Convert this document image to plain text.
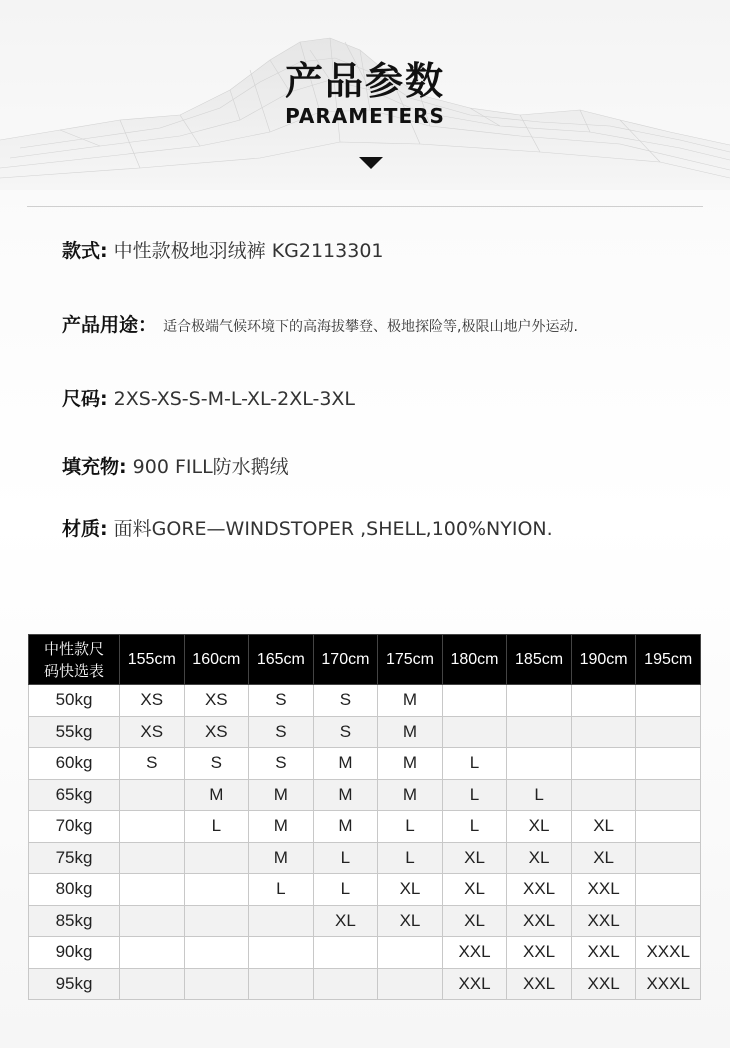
产品参数
PARAMETERS
款式: 中性款极地羽绒裤 KG2113301
产品用途： 适合极端气候环境下的高海拔攀登、极地探险等,极限山地户外运动.
尺码: 2XS-XS-S-M-L-XL-2XL-3XL
填充物: 900 FILL防水鹅绒
材质: 面料GORE—WINDSTOPER ,SHELL,100%NYION.
中性款尺
码快选表	155cm	160cm	165cm	170cm	175cm	180cm	185cm	190cm	195cm
50kg	XS	XS	S	S	M				
55kg	XS	XS	S	S	M				
60kg	S	S	S	M	M	L			
65kg		M	M	M	M	L	L		
70kg		L	M	M	L	L	XL	XL	
75kg			M	L	L	XL	XL	XL	
80kg			L	L	XL	XL	XXL	XXL	
85kg				XL	XL	XL	XXL	XXL	
90kg						XXL	XXL	XXL	XXXL
95kg						XXL	XXL	XXL	XXXL
